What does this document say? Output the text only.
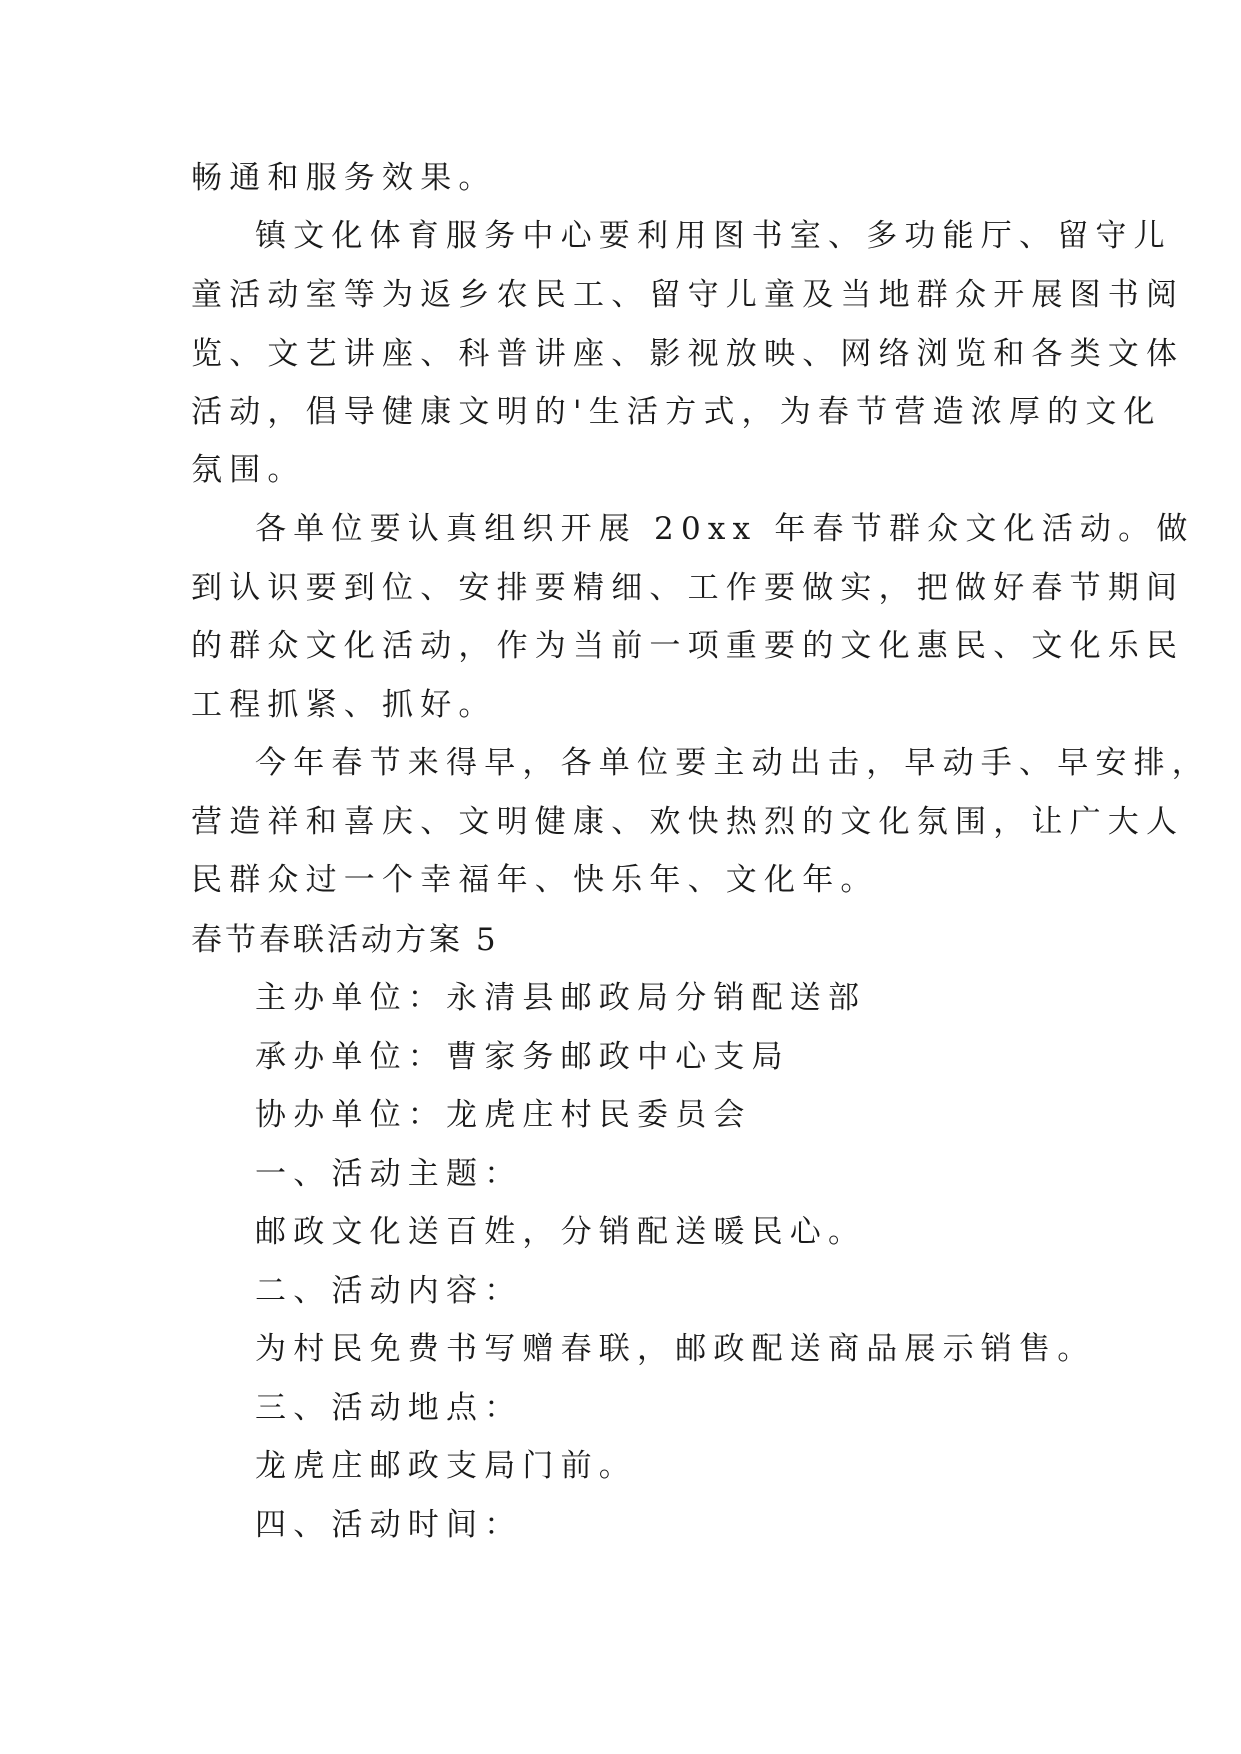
畅通和服务效果。
镇文化体育服务中心要利用图书室、多功能厅、留守儿
童活动室等为返乡农民工、留守儿童及当地群众开展图书阅
览、文艺讲座、科普讲座、影视放映、网络浏览和各类文体
活动，倡导健康文明的'生活方式，为春节营造浓厚的文化
氛围。
各单位要认真组织开展 20xx 年春节群众文化活动。做
到认识要到位、安排要精细、工作要做实，把做好春节期间
的群众文化活动，作为当前一项重要的文化惠民、文化乐民
工程抓紧、抓好。
今年春节来得早，各单位要主动出击，早动手、早安排，
营造祥和喜庆、文明健康、欢快热烈的文化氛围，让广大人
民群众过一个幸福年、快乐年、文化年。
春节春联活动方案 5
主办单位：永清县邮政局分销配送部
承办单位：曹家务邮政中心支局
协办单位：龙虎庄村民委员会
一、活动主题：
邮政文化送百姓，分销配送暖民心。
二、活动内容：
为村民免费书写赠春联，邮政配送商品展示销售。
三、活动地点：
龙虎庄邮政支局门前。
四、活动时间：
